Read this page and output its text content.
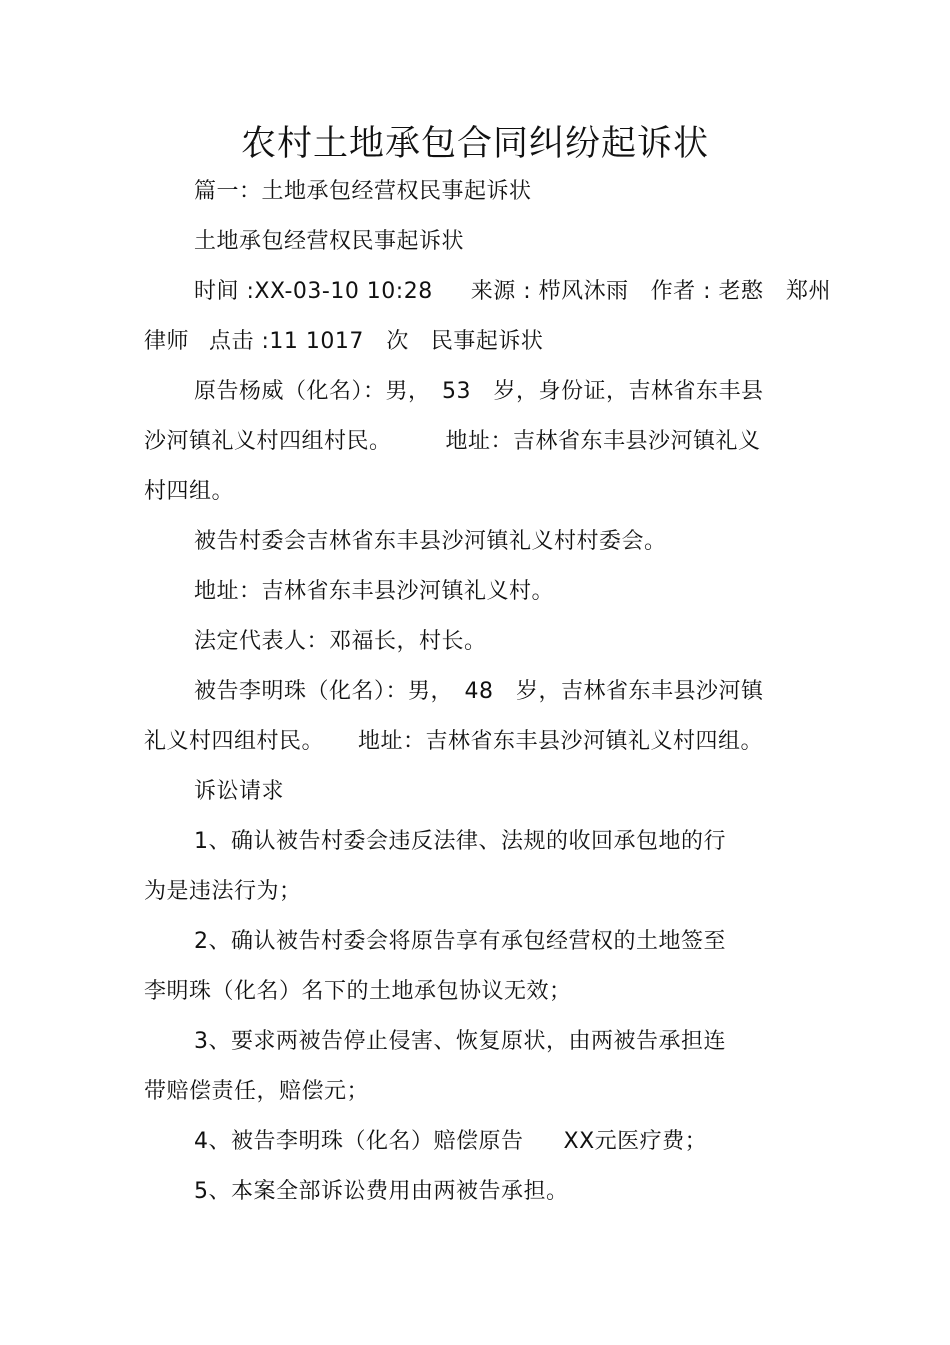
农村土地承包合同纠纷起诉状

篇一：土地承包经营权民事起诉状

土地承包经营权民事起诉状

时间 :XX-03-10 10:28 来源 : 栉风沐雨 作者 : 老憨　郑州

律师 点击 :11 1017　次 民事起诉状

原告杨威（化名）：男，　53　岁，身份证，吉林省东丰县

沙河镇礼义村四组村民。 地址：吉林省东丰县沙河镇礼义

村四组。

被告村委会吉林省东丰县沙河镇礼义村村委会。

地址：吉林省东丰县沙河镇礼义村。

法定代表人：邓福长，村长。

被告李明珠（化名）：男，　48　岁，吉林省东丰县沙河镇

礼义村四组村民。 地址：吉林省东丰县沙河镇礼义村四组。

诉讼请求

1、确认被告村委会违反法律、法规的收回承包地的行

为是违法行为；

2、确认被告村委会将原告享有承包经营权的土地签至

李明珠（化名）名下的土地承包协议无效；

3、要求两被告停止侵害、恢复原状，由两被告承担连

带赔偿责任，赔偿元；

4、被告李明珠（化名）赔偿原告 XX元医疗费；

5、本案全部诉讼费用由两被告承担。
